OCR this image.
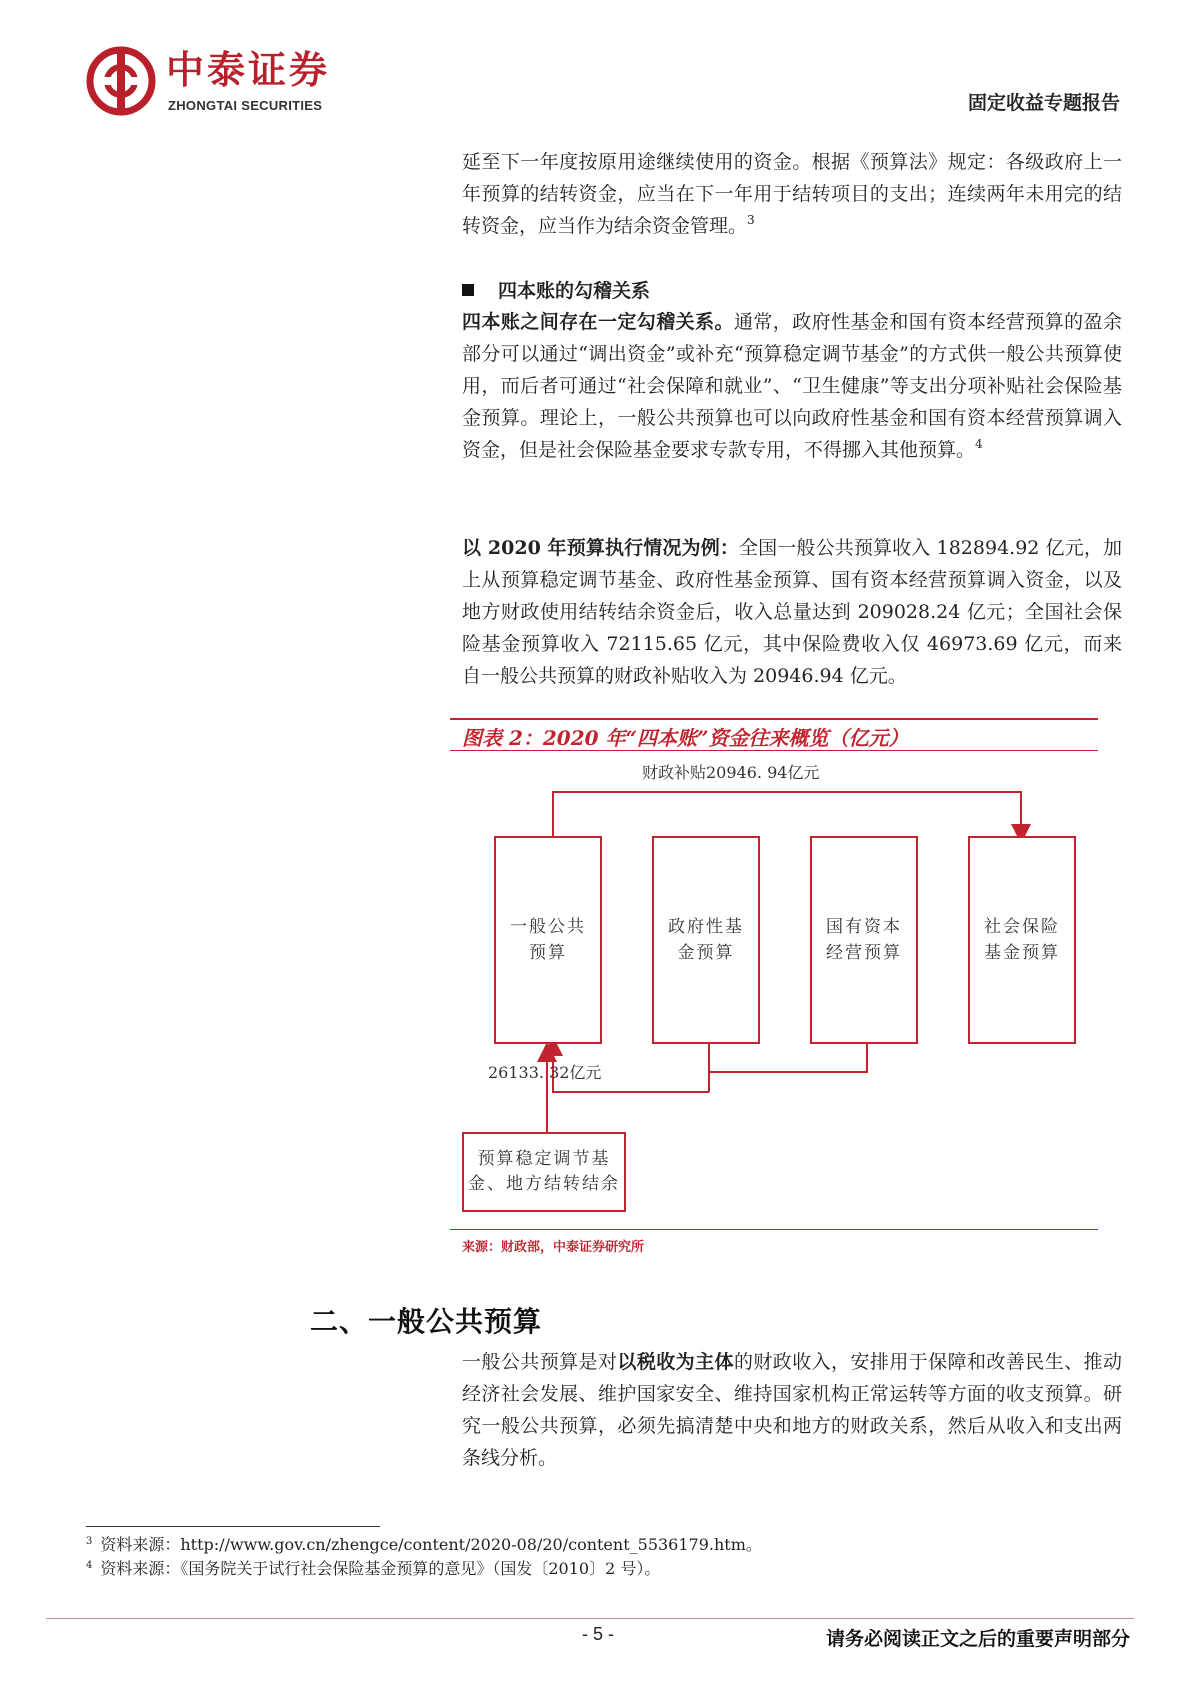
中泰证券
ZHONGTAI SECURITIES	固定收益专题报告
延至下一年度按原用途继续使用的资金。根据《预算法》规定：各级政府上一年预算的结转资金，应当在下一年用于结转项目的支出；连续两年未用完的结转资金，应当作为结余资金管理。$^3$
四本账的勾稽关系
四本账之间存在一定勾稽关系。通常，政府性基金和国有资本经营预算的盈余部分可以通过“调出资金”或补充“预算稳定调节基金”的方式供一般公共预算使用，而后者可通过“社会保障和就业”、“卫生健康”等支出分项补贴社会保险基金预算。理论上，一般公共预算也可以向政府性基金和国有资本经营预算调入资金，但是社会保险基金要求专款专用，不得挪入其他预算。$^4$
以 2020 年预算执行情况为例：全国一般公共预算收入 182894.92 亿元，加上从预算稳定调节基金、政府性基金预算、国有资本经营预算调入资金，以及地方财政使用结转结余资金后，收入总量达到 209028.24 亿元；全国社会保险基金预算收入 72115.65 亿元，其中保险费收入仅 46973.69 亿元，而来自一般公共预算的财政补贴收入为 20946.94 亿元。
图表 2：2020 年“四本账”资金往来概览（亿元）
财政补贴20946. 94亿元
26133. 32亿元
一般公共预算
政府性基金预算
国有资本经营预算
社会保险基金预算
预算稳定调节基金、地方结转结余
来源：财政部，中泰证券研究所
二、一般公共预算
一般公共预算是对以税收为主体的财政收入，安排用于保障和改善民生、推动经济社会发展、维护国家安全、维持国家机构正常运转等方面的收支预算。研究一般公共预算，必须先搞清楚中央和地方的财政关系，然后从收入和支出两条线分析。
$^3$ 资料来源：http://www.gov.cn/zhengce/content/2020-08/20/content_5536179.htm。
$^4$ 资料来源：《国务院关于试行社会保险基金预算的意见》（国发〔2010〕2 号）。
- 5 -	请务必阅读正文之后的重要声明部分
